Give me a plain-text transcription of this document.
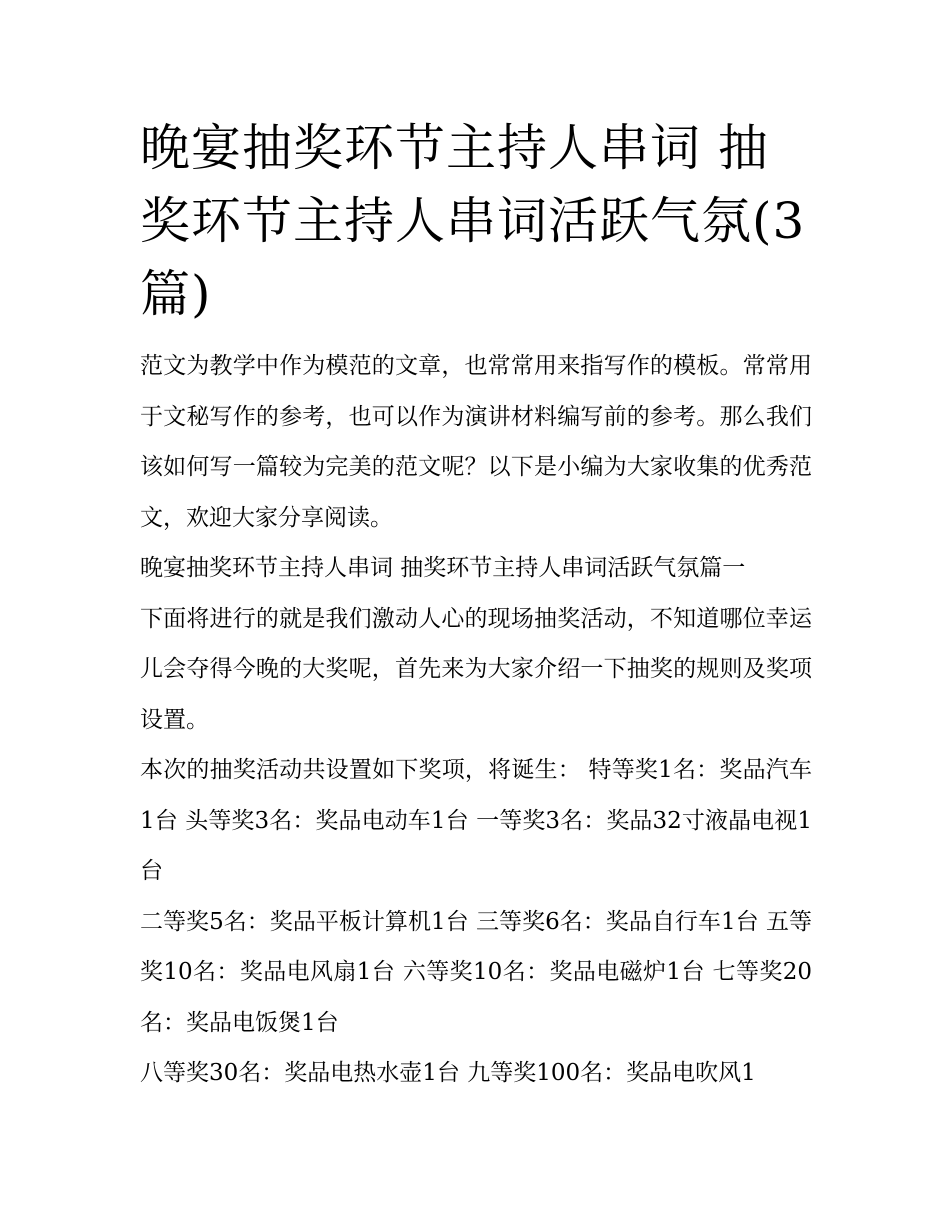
晚宴抽奖环节主持人串词 抽奖环节主持人串词活跃气氛(3篇)

范文为教学中作为模范的文章，也常常用来指写作的模板。常常用于文秘写作的参考，也可以作为演讲材料编写前的参考。那么我们该如何写一篇较为完美的范文呢？以下是小编为大家收集的优秀范文，欢迎大家分享阅读。

晚宴抽奖环节主持人串词 抽奖环节主持人串词活跃气氛篇一

下面将进行的就是我们激动人心的现场抽奖活动，不知道哪位幸运儿会夺得今晚的大奖呢，首先来为大家介绍一下抽奖的规则及奖项设置。

本次的抽奖活动共设置如下奖项，将诞生： 特等奖1名：奖品汽车1台 头等奖3名：奖品电动车1台 一等奖3名：奖品32寸液晶电视1台

二等奖5名：奖品平板计算机1台 三等奖6名：奖品自行车1台 五等奖10名：奖品电风扇1台 六等奖10名：奖品电磁炉1台 七等奖20名：奖品电饭煲1台

八等奖30名：奖品电热水壶1台 九等奖100名：奖品电吹风1
